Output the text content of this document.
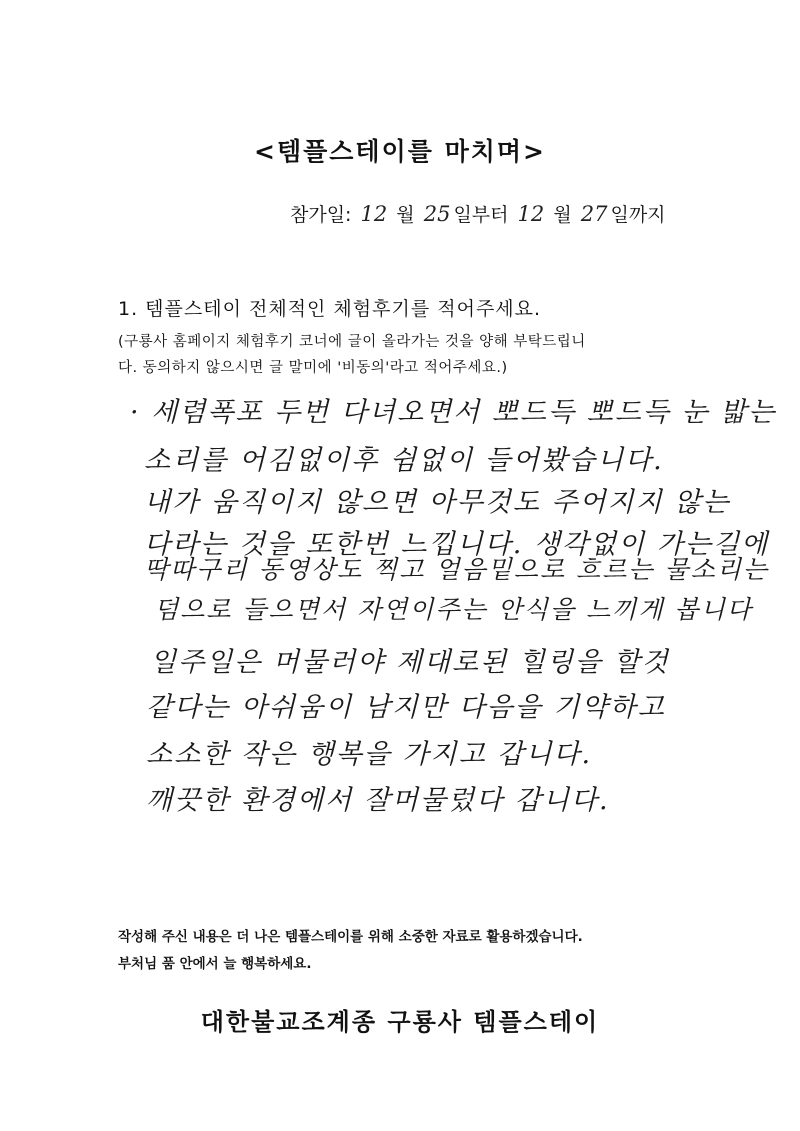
<템플스테이를 마치며>
참가일: 12 월 25 일부터 12 월 27 일까지
1. 템플스테이 전체적인 체험후기를 적어주세요.
(구룡사 홈페이지 체험후기 코너에 글이 올라가는 것을 양해 부탁드립니
다. 동의하지 않으시면 글 말미에 '비동의'라고 적어주세요.)
· 세렴폭포 두번 다녀오면서 뽀드득 뽀드득 눈 밟는
소리를 어김없이후 쉼없이 들어봤습니다.
내가 움직이지 않으면 아무것도 주어지지 않는
다라는 것을 또한번 느낍니다. 생각없이 가는길에
딱따구리 동영상도 찍고 얼음밑으로 흐르는 물소리는
덤으로 들으면서 자연이주는 안식을 느끼게 봅니다
일주일은 머물러야 제대로된 힐링을 할것
같다는 아쉬움이 남지만 다음을 기약하고
소소한 작은 행복을 가지고 갑니다.
깨끗한 환경에서 잘머물렀다 갑니다.
작성해 주신 내용은 더 나은 템플스테이를 위해 소중한 자료로 활용하겠습니다.
부처님 품 안에서 늘 행복하세요.
대한불교조계종 구룡사 템플스테이
